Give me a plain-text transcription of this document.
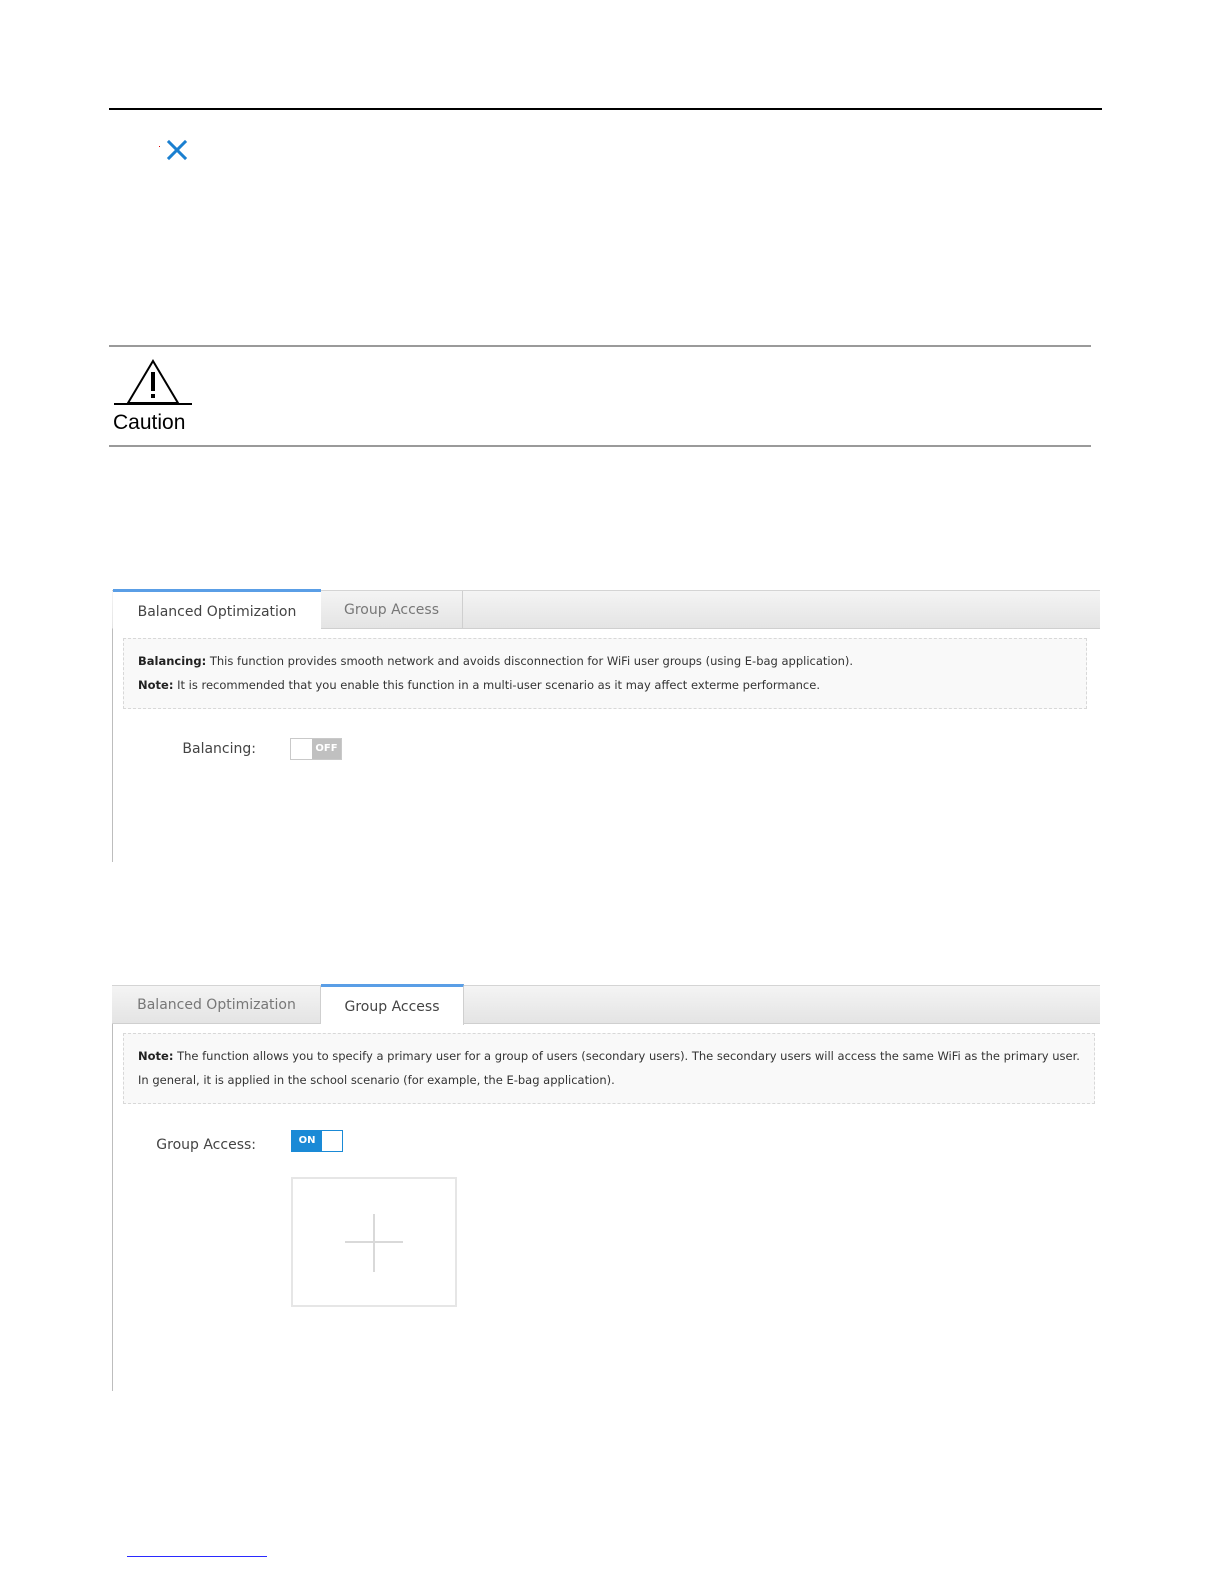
Caution
Balanced Optimization	Group Access
Balancing: This function provides smooth network and avoids disconnection for WiFi user groups (using E-bag application).
Note: It is recommended that you enable this function in a multi-user scenario as it may affect exterme performance.
Balancing:	OFF
Balanced Optimization	Group Access
Note: The function allows you to specify a primary user for a group of users (secondary users). The secondary users will access the same WiFi as the primary user. In general, it is applied in the school scenario (for example, the E-bag application).
Group Access:	ON
